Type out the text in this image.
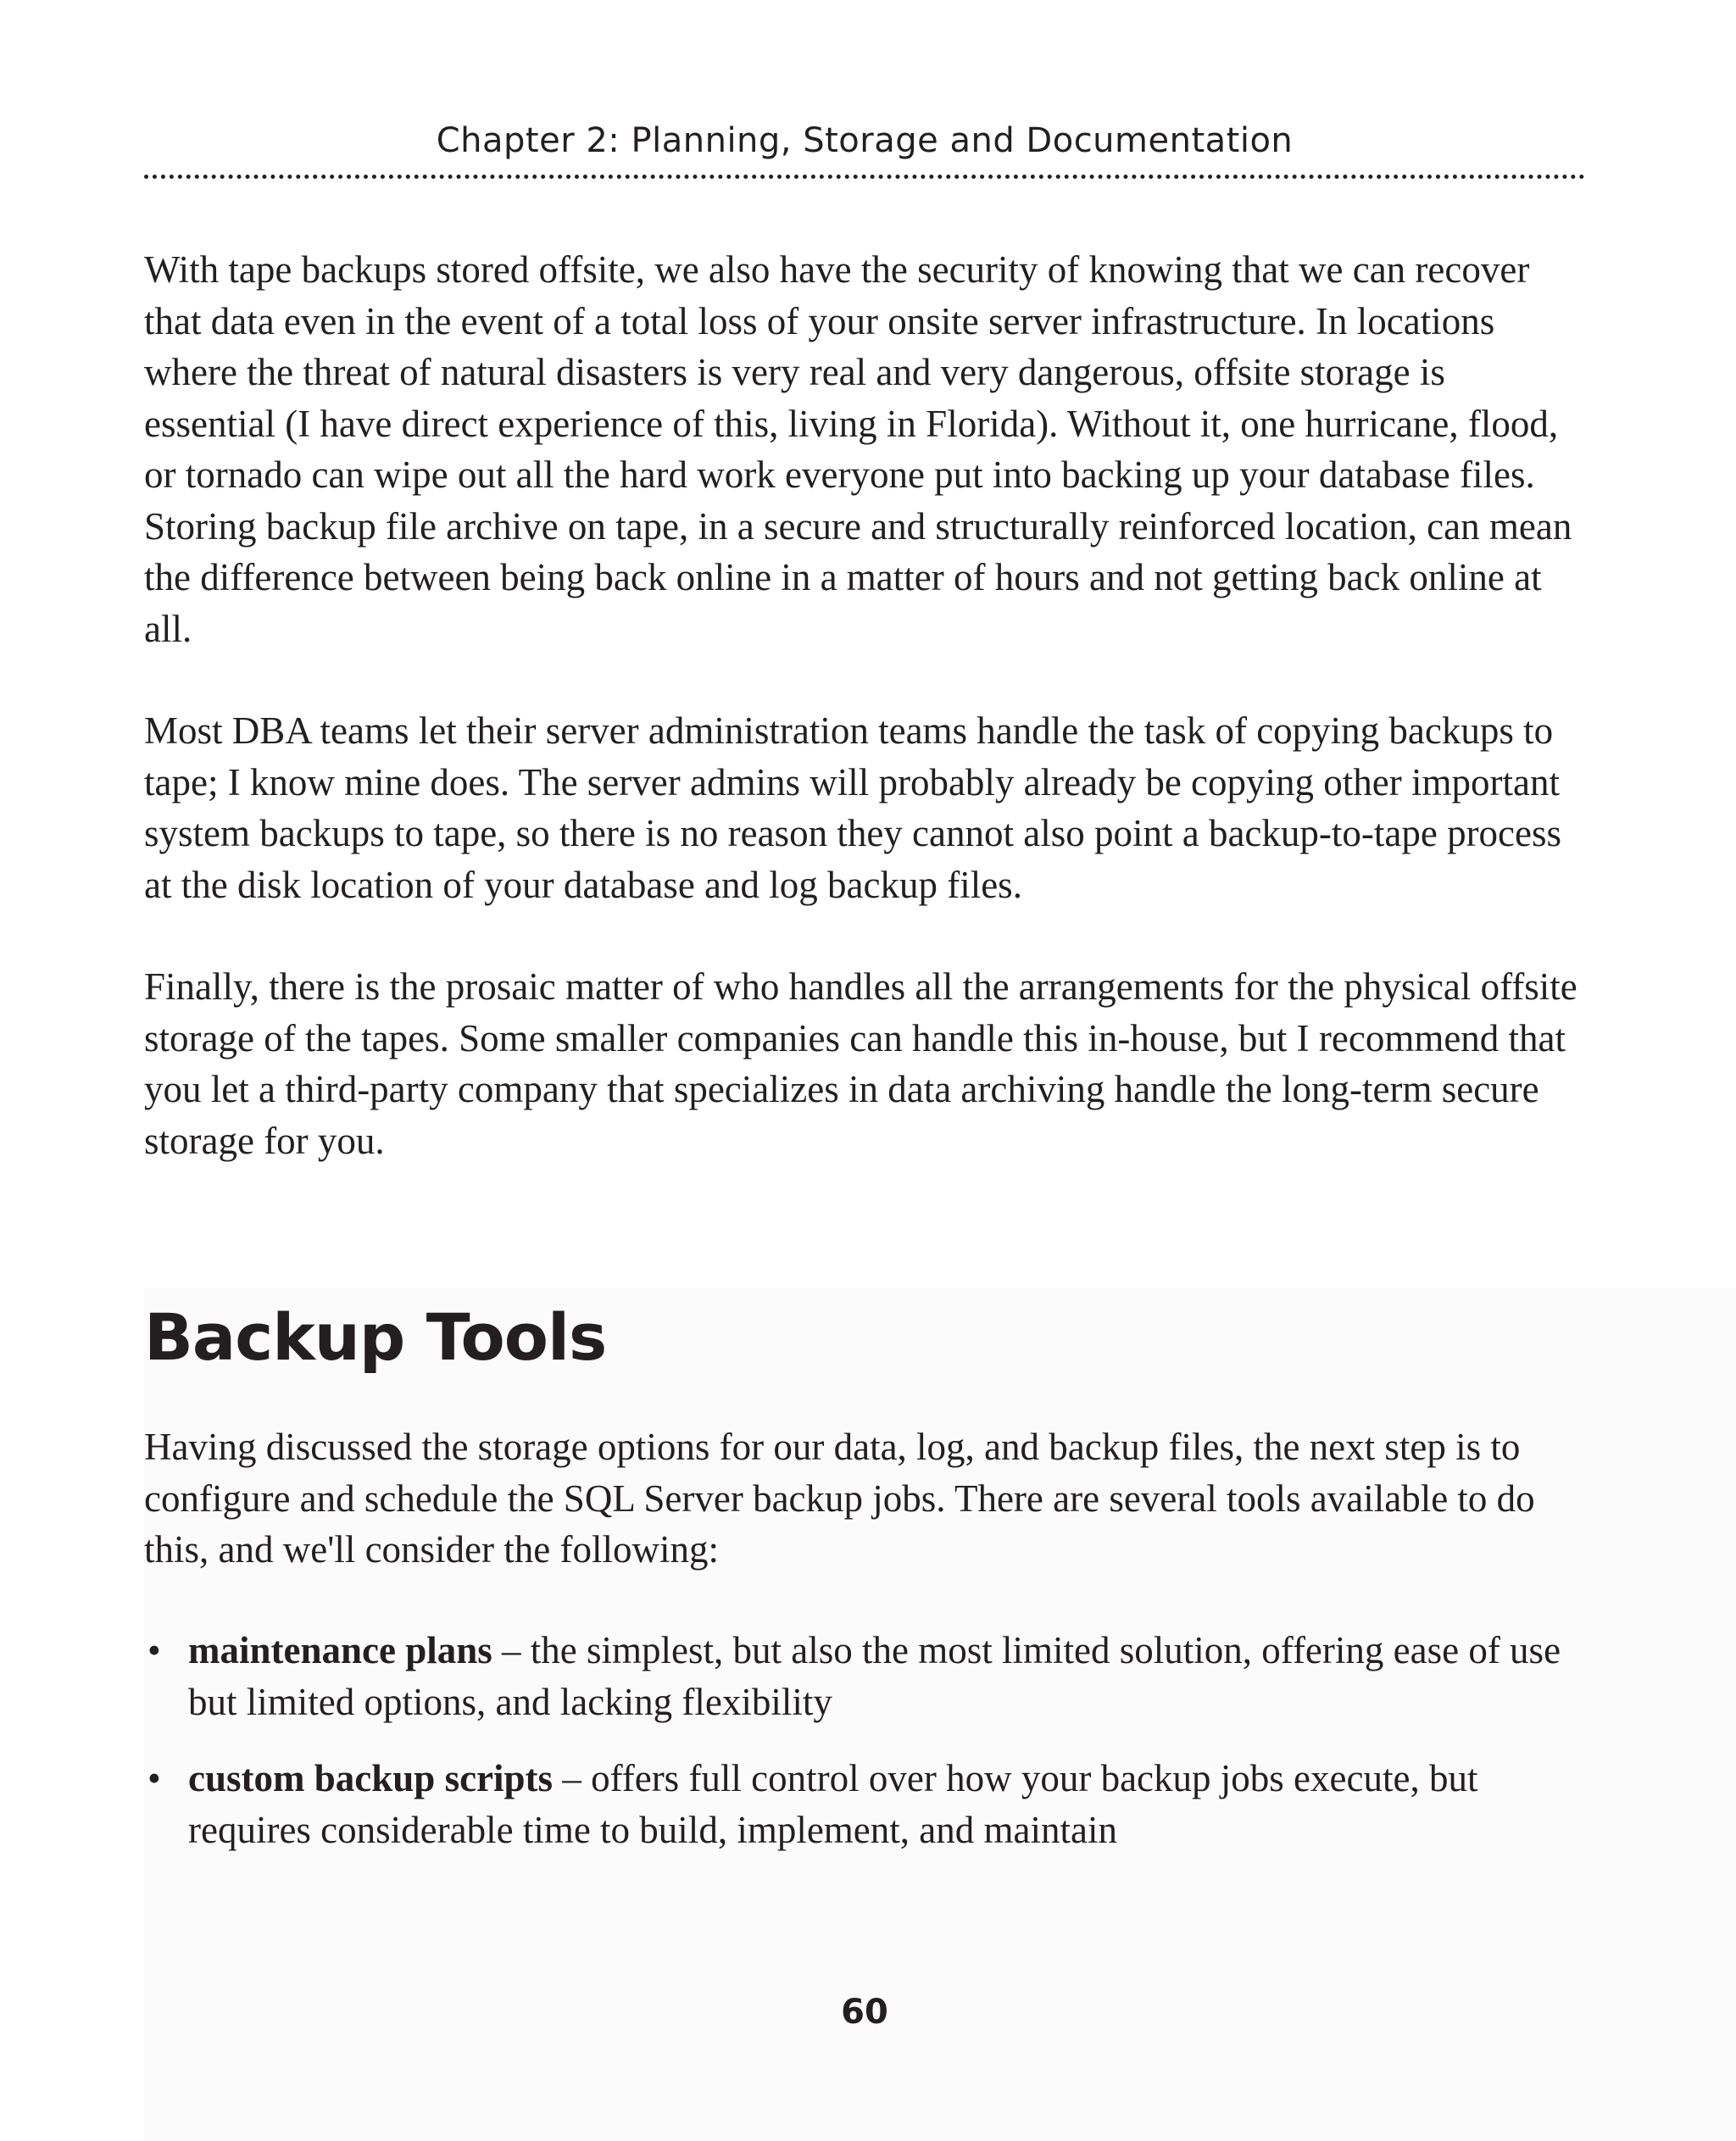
Chapter 2: Planning, Storage and Documentation

With tape backups stored offsite, we also have the security of knowing that we can recover that data even in the event of a total loss of your onsite server infrastructure. In locations where the threat of natural disasters is very real and very dangerous, offsite storage is essential (I have direct experience of this, living in Florida). Without it, one hurricane, flood, or tornado can wipe out all the hard work everyone put into backing up your database files. Storing backup file archive on tape, in a secure and structurally reinforced location, can mean the difference between being back online in a matter of hours and not getting back online at all.

Most DBA teams let their server administration teams handle the task of copying backups to tape; I know mine does. The server admins will probably already be copying other important system backups to tape, so there is no reason they cannot also point a backup-to-tape process at the disk location of your database and log backup files.

Finally, there is the prosaic matter of who handles all the arrangements for the physical offsite storage of the tapes. Some smaller companies can handle this in-house, but I recommend that you let a third-party company that specializes in data archiving handle the long-term secure storage for you.

Backup Tools

Having discussed the storage options for our data, log, and backup files, the next step is to configure and schedule the SQL Server backup jobs. There are several tools available to do this, and we'll consider the following:

• maintenance plans – the simplest, but also the most limited solution, offering ease of use but limited options, and lacking flexibility
• custom backup scripts – offers full control over how your backup jobs execute, but requires considerable time to build, implement, and maintain
60
